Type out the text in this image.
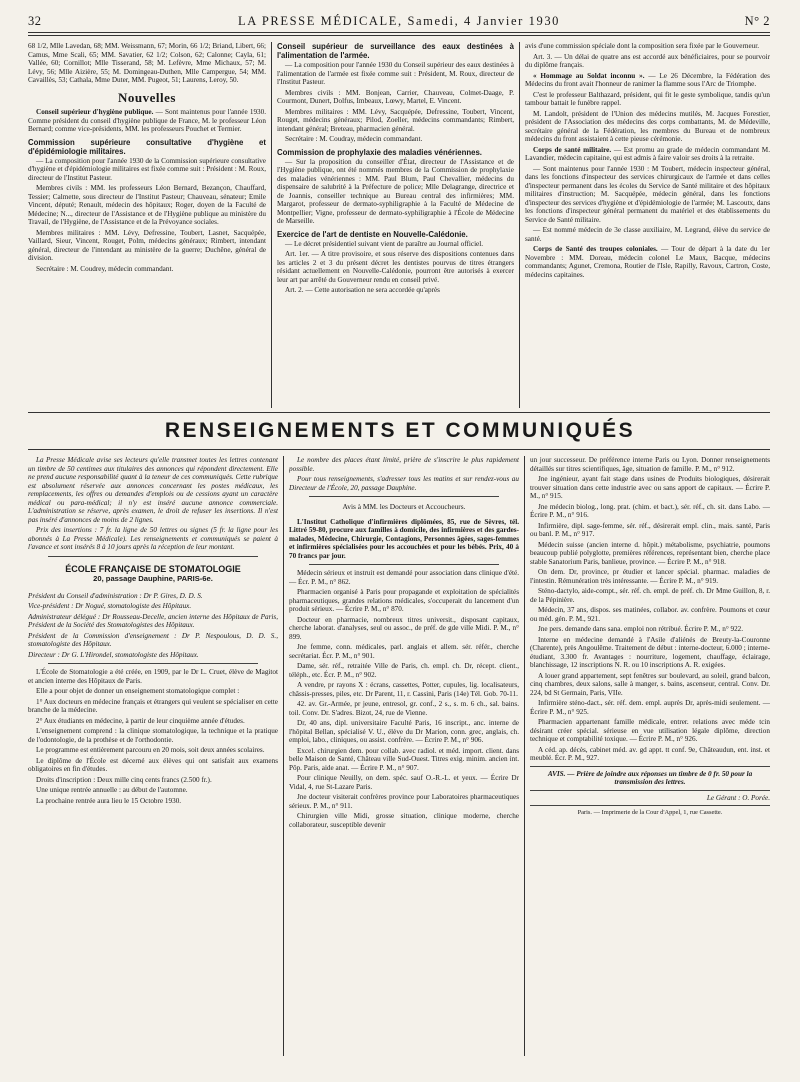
32	LA PRESSE MÉDICALE, Samedi, 4 Janvier 1930	N° 2

68 1/2, Mlle Lavedan, 68; MM. Weissmann, 67; Morin, 66 1/2; Briand, Libert, 66; Camus, Mme Scali, 65; MM. Savatier, 62 1/2; Colson, 62; Calonne; Cayla, 61; Vallée, 60; Cornillot; Mlle Tisserand, 58; M. Lefèvre, Mme Michaux, 57; M. Lévy, 56; Mlle Aizière, 55; M. Domingeau-Duthen, Mlle Campergue, 54; MM. Cavaillès, 53; Cathala, Mme Duter, MM. Pugeot, 51; Laurens, Leroy, 50.

Nouvelles

Conseil supérieur d'hygiène publique. — Sont maintenus pour l'année 1930. Comme président du conseil d'hygiène publique de France, M. le professeur Léon Bernard; comme vice-présidents, MM. les professeurs Pouchet et Termier.

Commission supérieure consultative d'hygiène et d'épidémiologie militaires.

— La composition pour l'année 1930 de la Commission supérieure consultative d'hygiène et d'épidémiologie militaires est fixée comme suit : Président : M. Roux, directeur de l'Institut Pasteur.

Membres civils : MM. les professeurs Léon Bernard, Bezançon, Chauffard, Tessier; Calmette, sous directeur de l'Institut Pasteur; Chauveau, sénateur; Emile Vincent, député; Renault, médecin des hôpitaux; Roger, doyen de la Faculté de Médecine; N..., directeur de l'Assistance et de l'Hygiène publique au ministère du Travail, de l'Hygiène, de l'Assistance et de la Prévoyance sociales.

Membres militaires : MM. Lévy, Defressine, Toubert, Lasnet, Sacquépée, Vaillard, Sieur, Vincent, Rouget, Polm, médecins généraux; Rimbert, intendant général, directeur de l'intendant au ministère de la guerre; Duchêne, général de division.

Secrétaire : M. Coudrey, médecin commandant.

Conseil supérieur de surveillance des eaux destinées à l'alimentation de l'armée.

— La composition pour l'année 1930 du Conseil supérieur des eaux destinées à l'alimentation de l'armée est fixée comme suit : Président, M. Roux, directeur de l'Institut Pasteur.

Membres civils : MM. Bonjean, Carrier, Chauveau, Colmet-Daage, P. Courmont, Dunert, Dolfus, Imbeaux, Lœwy, Martel, E. Vincent.

Membres militaires : MM. Lévy, Sacquépée, Defressine, Toubert, Vincent, Rouget, médecins généraux; Pilod, Zoeller, médecins commandants; Rimbert, intendant général; Breteau, pharmacien général.

Secrétaire : M. Coudray, médecin commandant.

Commission de prophylaxie des maladies vénériennes.

— Sur la proposition du conseiller d'État, directeur de l'Assistance et de l'Hygiène publique, ont été nommés membres de la Commission de prophylaxie des maladies vénériennes : MM. Paul Blum, Paul Chevallier, médecins du dispensaire de salubrité à la Préfecture de police; Mlle Delagrange, directrice et de Joannis, conseiller technique au Bureau central des infirmières; MM. Margarot, professeur de dermato-syphiligraphie à la Faculté de Médecine de Montpellier; Vigne, professeur de dermato-syphiligraphie à l'École de Médecine de Marseille.

Exercice de l'art de dentiste en Nouvelle-Calédonie.

— Le décret présidentiel suivant vient de paraître au Journal officiel.

Art. 1er. — A titre provisoire, et sous réserve des dispositions contenues dans les articles 2 et 3 du présent décret les dentistes pourvus de titres étrangers résidant actuellement en Nouvelle-Calédonie, pourront être autorisés à exercer leur art par arrêté du Gouverneur rendu en conseil privé.

Art. 2. — Cette autorisation ne sera accordée qu'après

avis d'une commission spéciale dont la composition sera fixée par le Gouverneur.

Art. 3. — Un délai de quatre ans est accordé aux bénéficiaires, pour se pourvoir du diplôme français.

« Hommage au Soldat inconnu ». — Le 26 Décembre, la Fédération des Médecins du front avait l'honneur de ranimer la flamme sous l'Arc de Triomphe.

C'est le professeur Balthazard, président, qui fit le geste symbolique, tandis qu'un tambour battait le funèbre rappel.

M. Landolt, président de l'Union des médecins mutilés, M. Jacques Forestier, président de l'Association des médecins des corps combattants, M. de Médeville, secrétaire général de la Fédération, les membres du Bureau et de nombreux médecins du front assistaient à cette pieuse cérémonie.

Corps de santé militaire. — Est promu au grade de médecin commandant M. Lavandier, médecin capitaine, qui est admis à faire valoir ses droits à la retraite.

— Sont maintenus pour l'année 1930 : M Toubert, médecin inspecteur général, dans les fonctions d'inspecteur des services chirurgicaux de l'armée et dans celles d'inspecteur permanent dans les écoles du Service de Santé militaire et des hôpitaux militaires d'instruction; M. Sacquépée, médecin général, dans les fonctions d'inspecteur des services d'hygiène et d'épidémiologie de l'armée; M. Lascoutx, dans les fonctions d'inspecteur général permanent du matériel et des établissements du Service de Santé militaire.

— Est nommé médecin de 3e classe auxiliaire, M. Legrand, élève du service de santé.

Corps de Santé des troupes coloniales. — Tour de départ à la date du 1er Novembre : MM. Doreau, médecin colonel Le Maux, Bacque, médecins commandants; Agunet, Cremona, Routier de l'Isle, Rapilly, Ravoux, Cartron, Coste, médecins capitaines.

RENSEIGNEMENTS ET COMMUNIQUÉS

La Presse Médicale avise ses lecteurs qu'elle transmet toutes les lettres contenant un timbre de 50 centimes aux titulaires des annonces qui répondent directement. Elle ne prend aucune responsabilité quant à la teneur de ces communiqués. Cette rubrique est absolument réservée aux annonces concernant les postes médicaux, les remplacements, les offres ou demandes d'emplois ou de cessions ayant un caractère médical ou para-médical; il n'y est inséré aucune annonce commerciale. L'administration se réserve, après examen, le droit de refuser les insertions. Il n'est pas inséré d'annonces de moins de 2 lignes.

Prix des insertions : 7 fr. la ligne de 50 lettres ou signes (5 fr. la ligne pour les abonnés à La Presse Médicale). Les renseignements et communiqués se paient à l'avance et sont insérés 8 à 10 jours après la réception de leur montant.

ÉCOLE FRANÇAISE DE STOMATOLOGIE
20, passage Dauphine, PARIS-6e.

Président du Conseil d'administration : Dr P. Gires, D. D. S.

Vice-président : Dr Nogué, stomatologiste des Hôpitaux.

Administrateur délégué : Dr Rousseau-Decelle, ancien interne des Hôpitaux de Paris, Président de la Société des Stomatologistes des Hôpitaux.

Président de la Commission d'enseignement : Dr P. Nespoulous, D. D. S., stomatologiste des Hôpitaux.

Directeur : Dr G. L'Hirondel, stomatologiste des Hôpitaux.

L'École de Stomatologie a été créée, en 1909, par le Dr L. Cruet, élève de Magitot et ancien interne des Hôpitaux de Paris.

Elle a pour objet de donner un enseignement stomatologique complet :

1° Aux docteurs en médecine français et étrangers qui veulent se spécialiser en cette branche de la médecine.

2° Aux étudiants en médecine, à partir de leur cinquième année d'études.

L'enseignement comprend : la clinique stomatologique, la technique et la pratique de l'odontologie, de la prothèse et de l'orthodontie.

Le programme est entièrement parcouru en 20 mois, soit deux années scolaires.

Le diplôme de l'École est décerné aux élèves qui ont satisfait aux examens obligatoires en fin d'études.

Droits d'inscription : Deux mille cinq cents francs (2.500 fr.).

Une unique rentrée annuelle : au début de l'automne.

La prochaine rentrée aura lieu le 15 Octobre 1930.

Le nombre des places étant limité, prière de s'inscrire le plus rapidement possible.

Pour tous renseignements, s'adresser tous les matins et sur rendez-vous au Directeur de l'École, 20, passage Dauphine.

Avis à MM. les Docteurs et Accoucheurs.

L'Institut Catholique d'infirmières diplômées, 85, rue de Sèvres, tél. Littré 59-80, procure aux familles à domicile, des infirmières et des gardes-malades, Médecine, Chirurgie, Contagions, Personnes âgées, sages-femmes et infirmières spécialisées pour les accouchées et pour les bébés. Prix, 40 à 70 francs par jour.

Médecin sérieux et instruit est demandé pour association dans clinique d'été. — Écr. P. M., n° 862.

Pharmacien organisé à Paris pour propagande et exploitation de spécialités pharmaceutiques, grandes relations médicales, s'occuperait du lancement d'un produit sérieux. — Écrire P. M., n° 870.

Docteur en pharmacie, nombreux titres universit., disposant capitaux, cherche laborat. d'analyses, seul ou assoc., de préf. de gde ville Midi. P. M., n° 899.

Jne femme, conn. médicales, parl. anglais et allem. sér. référ., cherche secrétariat. Écr. P. M., n° 901.

Dame, sér. réf., retraitée Ville de Paris, ch. empl. ch. Dr, récept. client., téléph., etc. Écr. P. M., n° 902.

A vendre, pr rayons X : écrans, cassettes, Potter, cupules, lig. localisateurs, châssis-presses, piles, etc. Dr Parent, 11, r. Cassini, Paris (14e) Tél. Gob. 70-11.

42. av. Gr.-Armée, pr jeune, entresol, gr. conf., 2 s., s. m. 6 ch., sal. bains. toil. Conv. Dr. S'adres. Bizot, 24, rue de Vienne.

Dr, 40 ans, dipl. universitaire Faculté Paris, 16 inscript., anc. interne de l'hôpital Bellan, spécialisé V. U., élève du Dr Marion, conn. grec, anglais, ch. emploi, labo., cliniques, ou assist. confrère. — Écrire P. M., n° 906.

Excel. chirurgien dem. pour collab. avec radiol. et méd. import. client. dans belle Maison de Santé, Château ville Sud-Ouest. Titres exig. minim. ancien int. Pôp. Paris, aide anat. — Écrire P. M., n° 907.

Pour clinique Neuilly, on dem. spéc. sauf O.-R.-L. et yeux. — Écrire Dr Vidal, 4, rue St-Lazare Paris.

Jne docteur visiterait confrères province pour Laboratoires pharmaceutiques sérieux. P. M., n° 911.

Chirurgien ville Midi, grosse situation, clinique moderne, cherche collaborateur, susceptible devenir

un jour successeur. De préférence interne Paris ou Lyon. Donner renseignements détaillés sur titres scientifiques, âge, situation de famille. P. M., n° 912.

Jne ingénieur, ayant fait stage dans usines de Produits biologiques, désirerait trouver situation dans cette industrie avec ou sans apport de capitaux. — Écrire P. M., n° 915.

Jne médecin biolog., long. prat. (chim. et bact.), sér. réf., ch. sit. dans Labo. — Écrire P. M., n° 916.

Infirmière, dipl. sage-femme, sér. réf., désirerait empl. clin., mais. santé, Paris ou banl. P. M., n° 917.

Médecin suisse (ancien interne d. hôpit.) métabolisme, psychiatrie, poumons beaucoup publié polyglotte, premières références, représentant bien, cherche place stable Sanatorium Paris, banlieue, province. — Écrire P. M., n° 918.

On dem. Dr, province, pr étudier et lancer spécial. pharmac. maladies de l'intestin. Rémunération très intéressante. — Écrire P. M., n° 919.

Sténo-dactylo, aide-compt., sér. réf. ch. empl. de préf. ch. Dr Mme Guillon, 8, r. de la Pépinière.

Médecin, 37 ans, dispos. ses matinées, collabor. av. confrère. Poumons et cœur ou méd. gén. P. M., 921.

Jne pers. demande dans sana. emploi non rétribué. Écrire P. M., n° 922.

Interne en médecine demandé à l'Asile d'aliénés de Breuty-la-Couronne (Charente), près Angoulême. Traitement de début : interne-docteur, 6.000 ; interne-étudiant, 3.300 fr. Avantages : nourriture, logement, chauffage, éclairage, blanchissage, 12 inscriptions N. R. ou 10 inscriptions A. R. exigées.

A louer grand appartement, sept fenêtres sur boulevard, au soleil, grand balcon, cinq chambres, deux salons, salle à manger, s. bains, ascenseur, central. Conv. Dr. 224, bd St Germain, Paris, VIIe.

Infirmière sténo-dact., sér. réf. dem. empl. auprès Dr, après-midi seulement. — Écrire P. M., n° 925.

Pharmacien appartenant famille médicale, entrer. relations avec méde tcin désirant créer spécial. sérieuse en vue utilisation légale diplôme, direction technique et comptabilité toxique. — Écrire P. M., n° 926.

A céd. ap. décès, cabinet méd. av. gd appt. tt conf. 9e, Châteaudun, ent. inst. et meublé. Écr. P. M., 927.

AVIS. — Prière de joindre aux réponses un timbre de 0 fr. 50 pour la transmission des lettres.

Le Gérant : O. Porée.

Paris. — Imprimerie de la Cour d'Appel, 1, rue Cassette.
